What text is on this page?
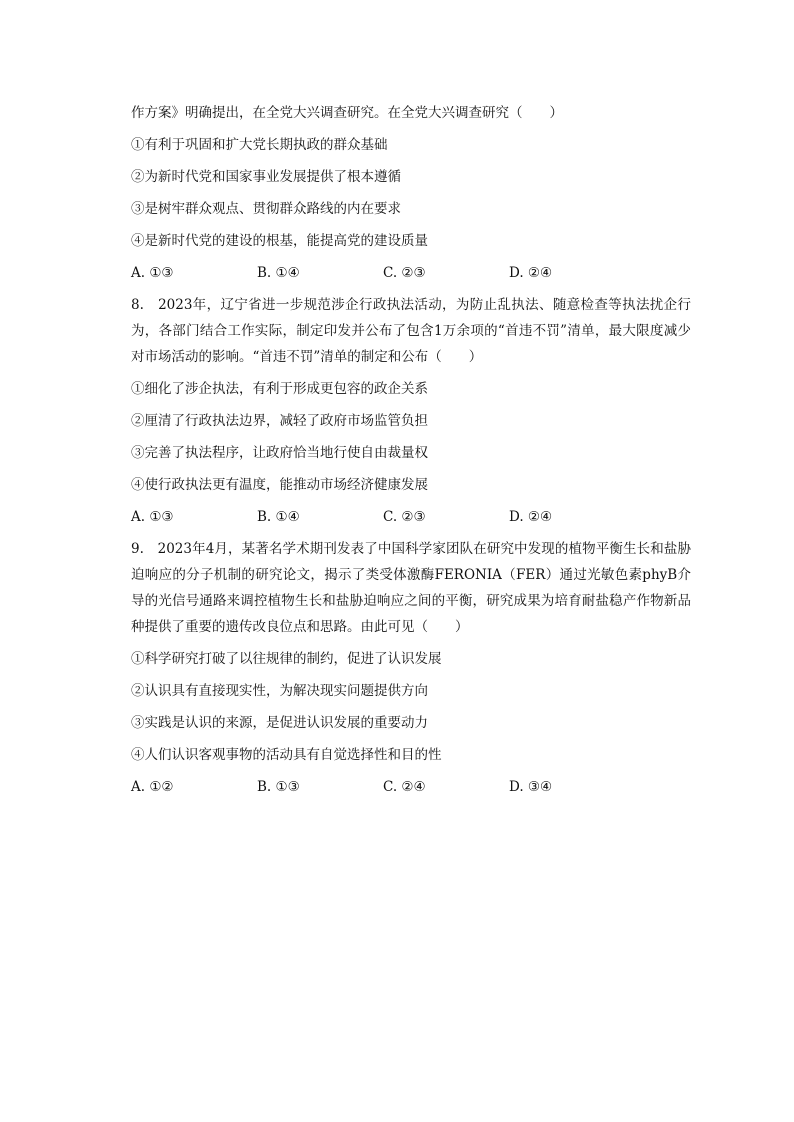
作方案》明确提出，在全党大兴调查研究。在全党大兴调查研究（　　）
①有利于巩固和扩大党长期执政的群众基础
②为新时代党和国家事业发展提供了根本遵循
③是树牢群众观点、贯彻群众路线的内在要求
④是新时代党的建设的根基，能提高党的建设质量
A. ①③	B. ①④	C. ②③	D. ②④
8.　2023年，辽宁省进一步规范涉企行政执法活动，为防止乱执法、随意检查等执法扰企行为，各部门结合工作实际，制定印发并公布了包含1万余项的“首违不罚”清单，最大限度减少对市场活动的影响。“首违不罚”清单的制定和公布（　　）
①细化了涉企执法，有利于形成更包容的政企关系
②厘清了行政执法边界，减轻了政府市场监管负担
③完善了执法程序，让政府恰当地行使自由裁量权
④使行政执法更有温度，能推动市场经济健康发展
A. ①③	B. ①④	C. ②③	D. ②④
9.　2023年4月，某著名学术期刊发表了中国科学家团队在研究中发现的植物平衡生长和盐胁迫响应的分子机制的研究论文，揭示了类受体激酶FERONIA（FER）通过光敏色素phyB介导的光信号通路来调控植物生长和盐胁迫响应之间的平衡，研究成果为培育耐盐稳产作物新品种提供了重要的遗传改良位点和思路。由此可见（　　）
①科学研究打破了以往规律的制约，促进了认识发展
②认识具有直接现实性，为解决现实问题提供方向
③实践是认识的来源，是促进认识发展的重要动力
④人们认识客观事物的活动具有自觉选择性和目的性
A. ①②	B. ①③	C. ②④	D. ③④
